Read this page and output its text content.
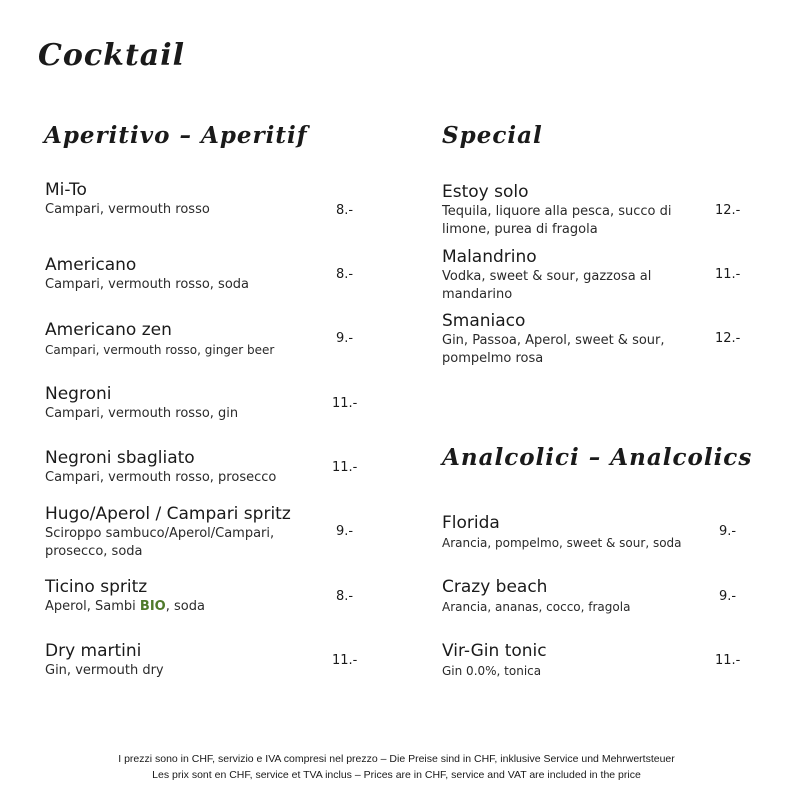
Cocktail
Aperitivo – Aperitif	Special
Analcolici – Analcolics
Mi-To
Campari, vermouth rosso	8.-
Americano
Campari, vermouth rosso, soda
8.-
Americano zen
Campari, vermouth rosso, ginger beer
9.-
Negroni
Campari, vermouth rosso, gin
11.-
Negroni sbagliato
Campari, vermouth rosso, prosecco
11.-
Hugo/Aperol / Campari spritz
Sciroppo sambuco/Aperol/Campari, prosecco, soda
9.-
Ticino spritz
Aperol, Sambi BIO, soda
8.-
Dry martini
Gin, vermouth dry
11.-
Estoy solo
Tequila, liquore alla pesca, succo di limone, purea di fragola
12.-
Malandrino
Vodka, sweet & sour, gazzosa al mandarino
11.-
Smaniaco
Gin, Passoa, Aperol, sweet & sour, pompelmo rosa
12.-
Florida
Arancia, pompelmo, sweet & sour, soda
9.-
Crazy beach
Arancia, ananas, cocco, fragola
9.-
Vir-Gin tonic
Gin 0.0%, tonica
11.-
I prezzi sono in CHF, servizio e IVA compresi nel prezzo – Die Preise sind in CHF, inklusive Service und Mehrwertsteuer
Les prix sont en CHF, service et TVA inclus – Prices are in CHF, service and VAT are included in the price
